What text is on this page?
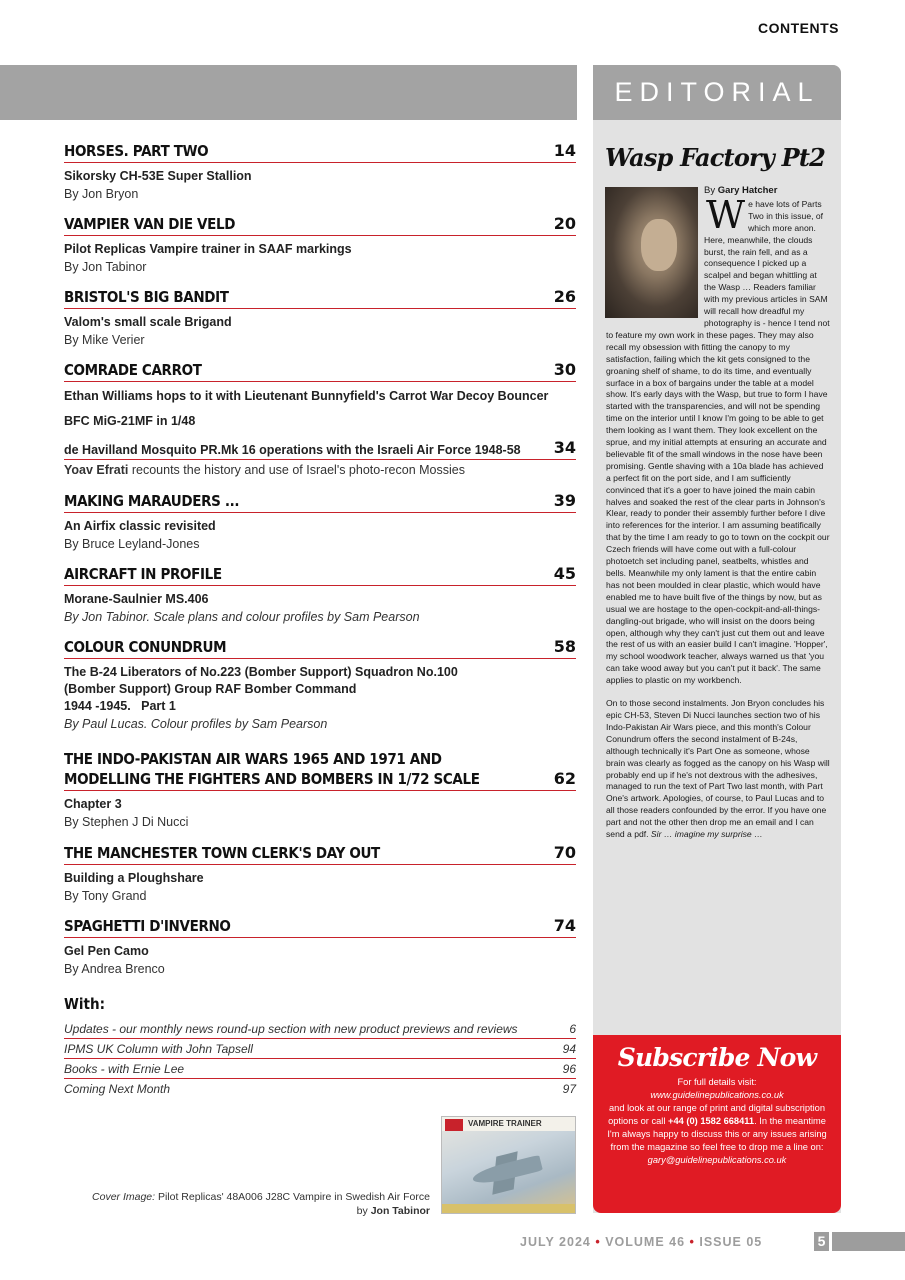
CONTENTS
HORSES. PART TWO	14
Sikorsky CH-53E Super Stallion
By Jon Bryon
VAMPIER VAN DIE VELD	20
Pilot Replicas Vampire trainer in SAAF markings
By Jon Tabinor
BRISTOL'S BIG BANDIT	26
Valom's small scale Brigand
By Mike Verier
COMRADE CARROT	30
Ethan Williams hops to it with Lieutenant Bunnyfield's Carrot War Decoy Bouncer
BFC MiG-21MF in 1/48
de Havilland Mosquito PR.Mk 16 operations with the Israeli Air Force 1948-58 34
Yoav Efrati recounts the history and use of Israel's photo-recon Mossies
MAKING MARAUDERS ...	39
An Airfix classic revisited
By Bruce Leyland-Jones
AIRCRAFT IN PROFILE	45
Morane-Saulnier MS.406
By Jon Tabinor. Scale plans and colour profiles by Sam Pearson
COLOUR CONUNDRUM	58
The B-24 Liberators of No.223 (Bomber Support) Squadron No.100
(Bomber Support) Group RAF Bomber Command
1944 -1945.   Part 1
By Paul Lucas. Colour profiles by Sam Pearson
THE INDO-PAKISTAN AIR WARS 1965 AND 1971 AND
MODELLING THE FIGHTERS AND BOMBERS IN 1/72 SCALE	62
Chapter 3
By Stephen J Di Nucci
THE MANCHESTER TOWN CLERK'S DAY OUT	70
Building a Ploughshare
By Tony Grand
SPAGHETTI D'INVERNO	74
Gel Pen Camo
By Andrea Brenco
With:
Updates - our monthly news round-up section with new product previews and reviews	6
IPMS UK Column with John Tapsell	94
Books - with Ernie Lee	96
Coming Next Month	97
VAMPIRE TRAINER
Cover Image: Pilot Replicas' 48A006 J28C Vampire in Swedish Air Force
by Jon Tabinor
EDITORIAL
Wasp Factory Pt2
By Gary Hatcher

We have lots of Parts Two in this issue, of which more anon. Here, meanwhile, the clouds burst, the rain fell, and as a consequence I picked up a scalpel and began whittling at the Wasp … Readers familiar with my previous articles in SAM will recall how dreadful my photography is - hence I tend not to feature my own work in these pages. They may also recall my obsession with fitting the canopy to my satisfaction, failing which the kit gets consigned to the groaning shelf of shame, to do its time, and eventually surface in a box of bargains under the table at a model show. It's early days with the Wasp, but true to form I have started with the transparencies, and will not be spending time on the interior until I know I'm going to be able to get them looking as I want them. They look excellent on the sprue, and my initial attempts at ensuring an accurate and believable fit of the small windows in the nose have been promising. Gentle shaving with a 10a blade has achieved a perfect fit on the port side, and I am sufficiently convinced that it's a goer to have joined the main cabin halves and soaked the rest of the clear parts in Johnson's Klear, ready to ponder their assembly further before I dive into references for the interior. I am assuming beatifically that by the time I am ready to go to town on the cockpit our Czech friends will have come out with a full-colour photoetch set including panel, seatbelts, whistles and bells. Meanwhile my only lament is that the entire cabin has not been moulded in clear plastic, which would have enabled me to have built five of the things by now, but as usual we are hostage to the open-cockpit-and-all-things-dangling-out brigade, who will insist on the doors being open, although why they can't just cut them out and leave the rest of us with an easier build I can't imagine. 'Hopper', my school woodwork teacher, always warned us that 'you can take wood away but you can't put it back'. The same applies to plastic on my workbench.

On to those second instalments. Jon Bryon concludes his epic CH-53, Steven Di Nucci launches section two of his Indo-Pakistan Air Wars piece, and this month's Colour Conundrum offers the second instalment of B-24s, although technically it's Part One as someone, whose brain was clearly as fogged as the canopy on his Wasp will probably end up if he's not dextrous with the adhesives, managed to run the text of Part Two last month, with Part One's artwork. Apologies, of course, to Paul Lucas and to all those readers confounded by the error. If you have one part and not the other then drop me an email and I can send a pdf. Sir … imagine my surprise …

Subscribe Now
For full details visit:
www.guidelinepublications.co.uk
and look at our range of print and digital subscription options or call +44 (0) 1582 668411. In the meantime I'm always happy to discuss this or any issues arising from the magazine so feel free to drop me a line on:
gary@guidelinepublications.co.uk
JULY 2024 • VOLUME 46 • ISSUE 05	5
